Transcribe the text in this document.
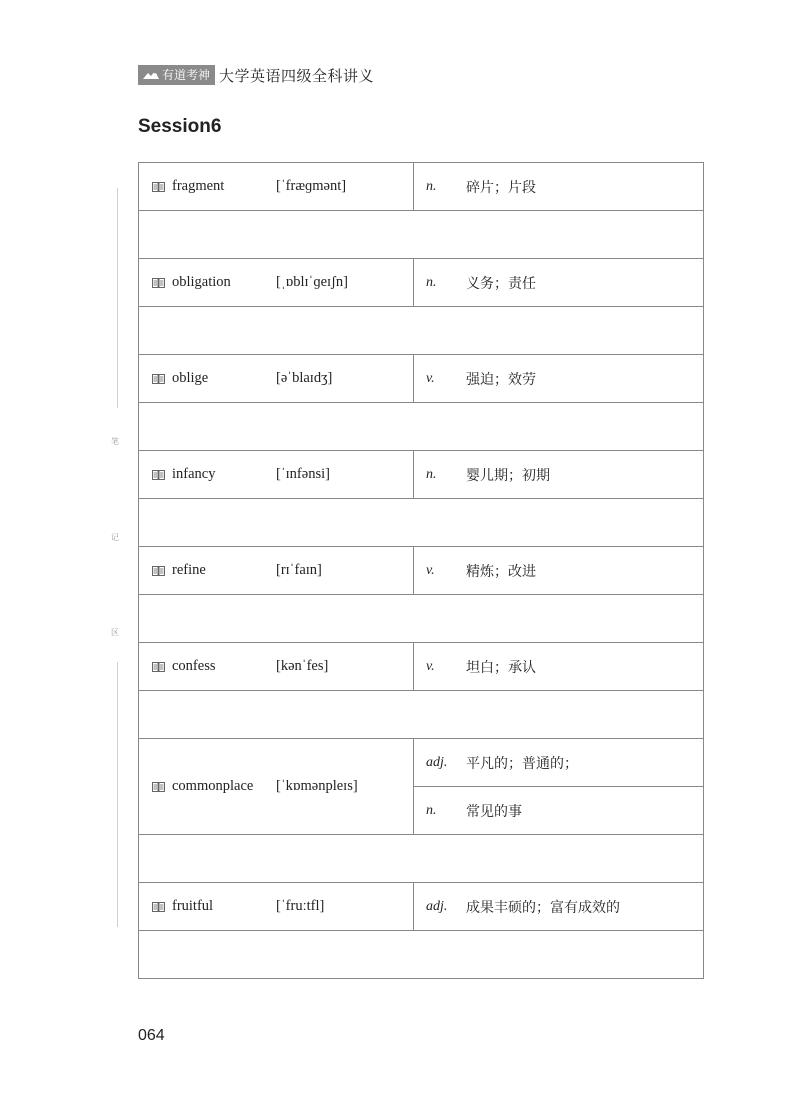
有道考神 大学英语四级全科讲义
Session6
笔
记
区
fragment [ˈfræɡmənt]	n. 碎片；片段

obligation [ˌɒblɪˈɡeɪʃn]	n. 义务；责任

oblige [əˈblaɪdʒ]	v. 强迫；效劳

infancy [ˈɪnfənsi]	n. 婴儿期；初期

refine [rɪˈfaɪn]	v. 精炼；改进

confess [kənˈfes]	v. 坦白；承认

commonplace [ˈkɒmənpleɪs]	adj. 平凡的；普通的；

	n. 常见的事

fruitful [ˈfruːtfl]	adj. 成果丰硕的；富有成效的

064
